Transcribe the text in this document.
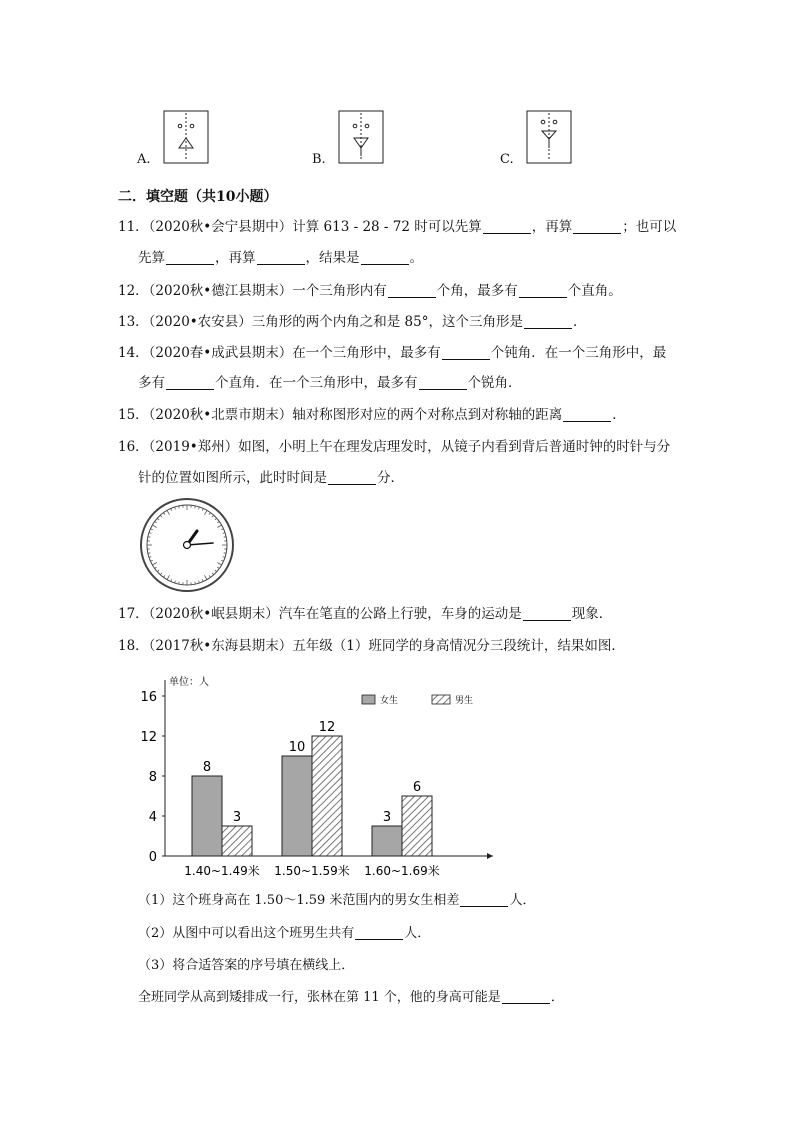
A.	B.	C.
二．填空题（共10小题）
11．（2020秋•会宁县期中）计算 613 - 28 - 72 时可以先算	，再算	；也可以
先算	，再算	，结果是	。
12．（2020秋•德江县期末）一个三角形内有	个角，最多有	个直角。
13．（2020•农安县）三角形的两个内角之和是 85°，这个三角形是	．
14．（2020春•成武县期末）在一个三角形中，最多有	个钝角．在一个三角形中，最
多有	个直角．在一个三角形中，最多有	个锐角．
15．（2020秋•北票市期末）轴对称图形对应的两个对称点到对称轴的距离	．
16．（2019•郑州）如图，小明上午在理发店理发时，从镜子内看到背后普通时钟的时针与分
针的位置如图所示，此时时间是	分．
17．（2020秋•岷县期末）汽车在笔直的公路上行驶，车身的运动是	现象．
18．（2017秋•东海县期末）五年级（1）班同学的身高情况分三段统计，结果如图．
单位：人
0
4
8
12
16
8
3
1.40~1.49米
10
12
1.50~1.59米
3
6
1.60~1.69米
女生	男生
（1）这个班身高在 1.50～1.59 米范围内的男女生相差	人．
（2）从图中可以看出这个班男生共有	人．
（3）将合适答案的序号填在横线上．
全班同学从高到矮排成一行，张林在第 11 个，他的身高可能是	．
